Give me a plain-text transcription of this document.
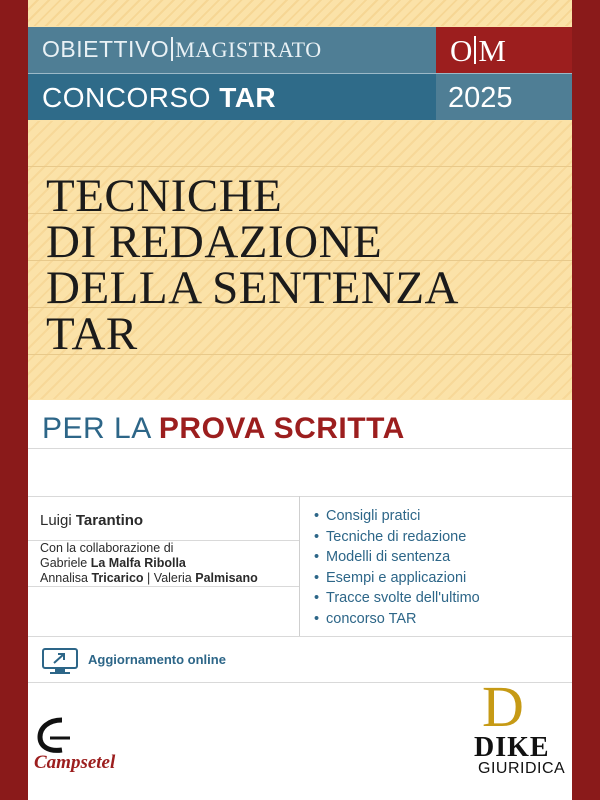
OBIETTIVO MAGISTRATO
CONCORSO TAR
O M
2025
TECNICHE
DI REDAZIONE
DELLA SENTENZA
TAR
PER LA PROVA SCRITTA
Luigi Tarantino
Con la collaborazione di
Gabriele La Malfa Ribolla
Annalisa Tricarico | Valeria Palmisano
• Consigli pratici
• Tecniche di redazione
• Modelli di sentenza
• Esempi e applicazioni
• Tracce svolte dell'ultimo
• concorso TAR
Aggiornamento online
Campsetel
D
DIKE
GIURIDICA
